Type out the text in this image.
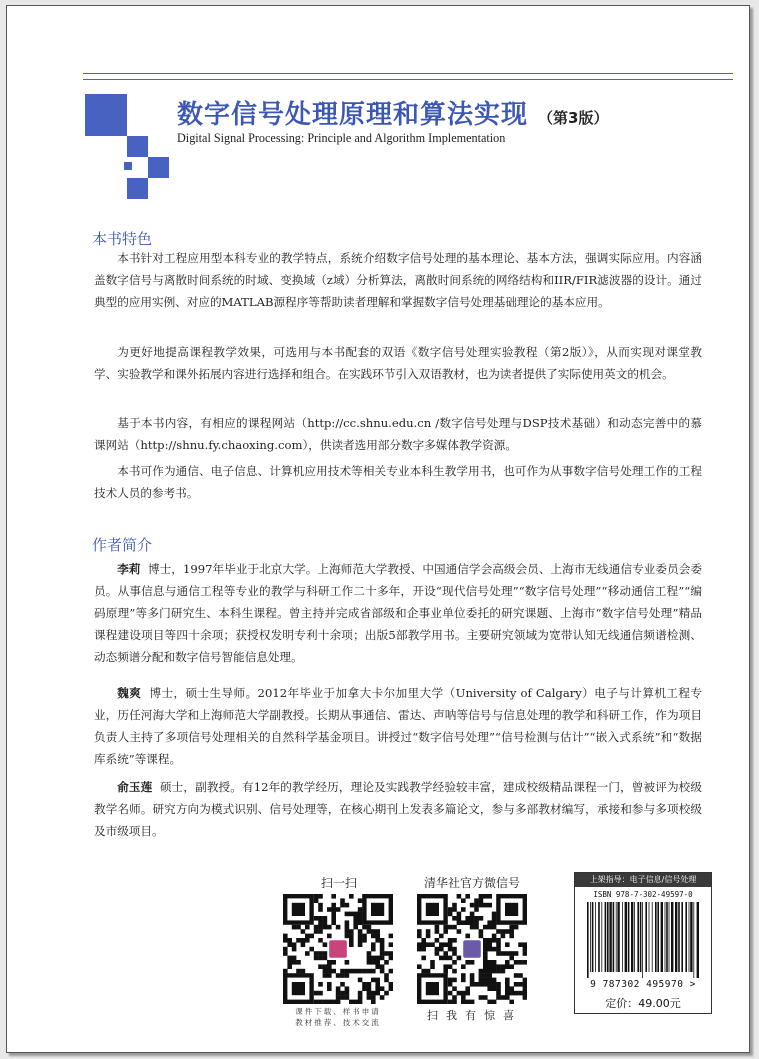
数字信号处理原理和算法实现 （第3版）
Digital Signal Processing: Principle and Algorithm Implementation
本书特色

本书针对工程应用型本科专业的教学特点，系统介绍数字信号处理的基本理论、基本方法，强调实际应用。内容涵盖数字信号与离散时间系统的时域、变换域（z域）分析算法，离散时间系统的网络结构和IIR/FIR滤波器的设计。通过典型的应用实例、对应的MATLAB源程序等帮助读者理解和掌握数字信号处理基础理论的基本应用。

为更好地提高课程教学效果，可选用与本书配套的双语《数字信号处理实验教程（第2版）》，从而实现对课堂教学、实验教学和课外拓展内容进行选择和组合。在实践环节引入双语教材，也为读者提供了实际使用英文的机会。

基于本书内容，有相应的课程网站（http://cc.shnu.edu.cn /数字信号处理与DSP技术基础）和动态完善中的慕课网站（http://shnu.fy.chaoxing.com），供读者选用部分数字多媒体教学资源。

本书可作为通信、电子信息、计算机应用技术等相关专业本科生教学用书，也可作为从事数字信号处理工作的工程技术人员的参考书。

作者简介

李莉 博士，1997年毕业于北京大学。上海师范大学教授、中国通信学会高级会员、上海市无线通信专业委员会委员。从事信息与通信工程等专业的教学与科研工作二十多年，开设“现代信号处理”“数字信号处理”“移动通信工程”“编码原理”等多门研究生、本科生课程。曾主持并完成省部级和企事业单位委托的研究课题、上海市“数字信号处理”精品课程建设项目等四十余项；获授权发明专利十余项；出版5部教学用书。主要研究领域为宽带认知无线通信频谱检测、动态频谱分配和数字信号智能信息处理。

魏爽 博士，硕士生导师。2012年毕业于加拿大卡尔加里大学（University of Calgary）电子与计算机工程专业，历任河海大学和上海师范大学副教授。长期从事通信、雷达、声呐等信号与信息处理的教学和科研工作，作为项目负责人主持了多项信号处理相关的自然科学基金项目。讲授过“数字信号处理”“信号检测与估计”“嵌入式系统”和“数据库系统”等课程。

俞玉莲 硕士，副教授。有12年的教学经历，理论及实践教学经验较丰富，建成校级精品课程一门，曾被评为校级教学名师。研究方向为模式识别、信号处理等，在核心期刊上发表多篇论文，参与多部教材编写，承接和参与多项校级及市级项目。

扫一扫
课件下载、样书申请
教材推荐、技术交流
清华社官方微信号
扫我有惊喜
上架指导：电子信息/信号处理
ISBN 978-7-302-49597-0
9 787302 495970 >
定价：49.00元
